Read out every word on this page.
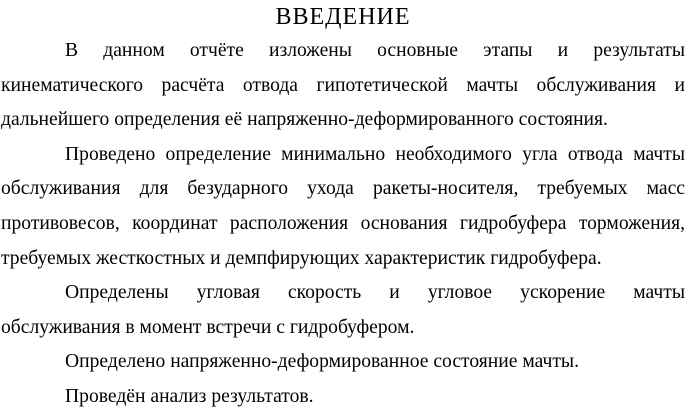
ВВЕДЕНИЕ
В данном отчёте изложены основные этапы и результаты
кинематического расчёта отвода гипотетической мачты обслуживания и
дальнейшего определения её напряженно-деформированного состояния.
Проведено определение минимально необходимого угла отвода мачты
обслуживания для безударного ухода ракеты-носителя, требуемых масс
противовесов, координат расположения основания гидробуфера торможения,
требуемых жесткостных и демпфирующих характеристик гидробуфера.
Определены угловая скорость и угловое ускорение мачты
обслуживания в момент встречи с гидробуфером.
Определено напряженно-деформированное состояние мачты.
Проведён анализ результатов.
